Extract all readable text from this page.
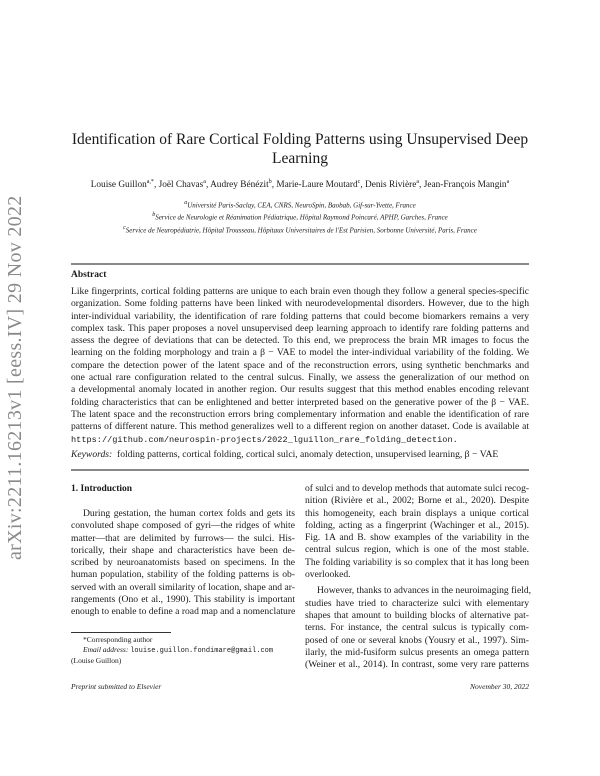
arXiv:2211.16213v1 [eess.IV] 29 Nov 2022
Identification of Rare Cortical Folding Patterns using Unsupervised Deep Learning
Louise Guillon$^{a,*}$, Joël Chavas$^a$, Audrey Bénézit$^b$, Marie-Laure Moutard$^c$, Denis Rivière$^a$, Jean-François Mangin$^a$
$^a$Université Paris-Saclay, CEA, CNRS, NeuroSpin, Baobab, Gif-sur-Yvette, France
$^b$Service de Neurologie et Réanimation Pédiatrique, Hôpital Raymond Poincaré, APHP, Garches, France
$^c$Service de Neuropédiatrie, Hôpital Trousseau, Hôpitaux Universitaires de l'Est Parisien, Sorbonne Université, Paris, France
Abstract
Like fingerprints, cortical folding patterns are unique to each brain even though they follow a general species-specific
organization. Some folding patterns have been linked with neurodevelopmental disorders. However, due to the high
inter-individual variability, the identification of rare folding patterns that could become biomarkers remains a very
complex task. This paper proposes a novel unsupervised deep learning approach to identify rare folding patterns and
assess the degree of deviations that can be detected. To this end, we preprocess the brain MR images to focus the
learning on the folding morphology and train a β − VAE to model the inter-individual variability of the folding. We
compare the detection power of the latent space and of the reconstruction errors, using synthetic benchmarks and
one actual rare configuration related to the central sulcus. Finally, we assess the generalization of our method on
a developmental anomaly located in another region. Our results suggest that this method enables encoding relevant
folding characteristics that can be enlightened and better interpreted based on the generative power of the β − VAE.
The latent space and the reconstruction errors bring complementary information and enable the identification of rare
patterns of different nature. This method generalizes well to a different region on another dataset. Code is available at
https://github.com/neurospin-projects/2022_lguillon_rare_folding_detection.
Keywords: folding patterns, cortical folding, cortical sulci, anomaly detection, unsupervised learning, β − VAE
1. Introduction
During gestation, the human cortex folds and gets its
convoluted shape composed of gyri—the ridges of white
matter—that are delimited by furrows— the sulci. His-
torically, their shape and characteristics have been de-
scribed by neuroanatomists based on specimens. In the
human population, stability of the folding patterns is ob-
served with an overall similarity of location, shape and ar-
rangements (Ono et al., 1990). This stability is important
enough to enable to define a road map and a nomenclature
of sulci and to develop methods that automate sulci recog-
nition (Rivière et al., 2002; Borne et al., 2020). Despite
this homogeneity, each brain displays a unique cortical
folding, acting as a fingerprint (Wachinger et al., 2015).
Fig. 1A and B. show examples of the variability in the
central sulcus region, which is one of the most stable.
The folding variability is so complex that it has long been
overlooked.
However, thanks to advances in the neuroimaging field,
studies have tried to characterize sulci with elementary
shapes that amount to building blocks of alternative pat-
terns. For instance, the central sulcus is typically com-
posed of one or several knobs (Yousry et al., 1997). Sim-
ilarly, the mid-fusiform sulcus presents an omega pattern
(Weiner et al., 2014). In contrast, some very rare patterns
*Corresponding author
Email address: louise.guillon.fondimare@gmail.com
(Louise Guillon)
Preprint submitted to Elsevier	November 30, 2022
